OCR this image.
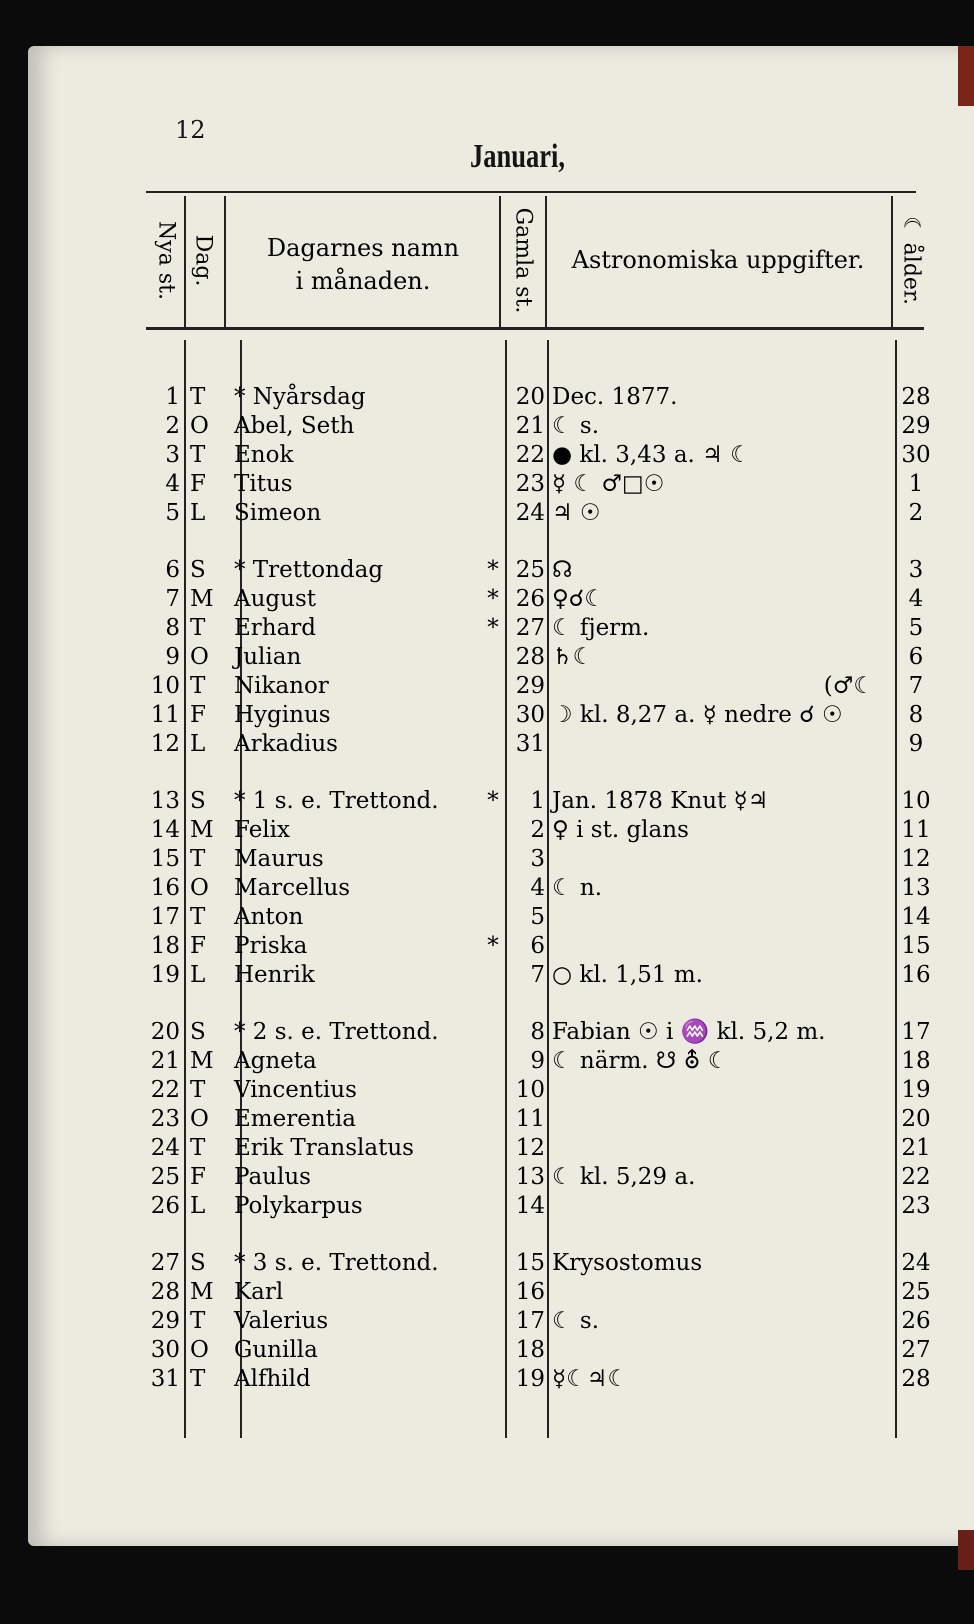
12
Januari,
Nya st. Dag.	Dagarnes namn
i månaden.	Gamla st.	Astronomiska uppgifter.	☾ ålder.
1 T	* Nyårsdag	20 Dec. 1877.	28
2 O	Abel, Seth	21 ☾ s.	29
3 T	Enok	22 ● kl. 3,43 a. ♃ ☾	30
4 F	Titus	23 ☿ ☾ ♂□☉	1
5 L	Simeon	24 ♃ ☉	2
6 S	* Trettondag	* 25 ☊	3
7 M August	* 26 ♀☌☾	4
8 T	Erhard	* 27 ☾ fjerm.	5
9 O	Julian	28 ♄☾	6
10 T	Nikanor	29	(♂☾	7
11 F	Hyginus	30 ☽ kl. 8,27 a. ☿ nedre ☌ ☉	8
12 L	Arkadius	31	9
13 S	* 1 s. e. Trettond.	*	1 Jan. 1878 Knut ☿♃	10
14 M Felix	2 ♀ i st. glans	11
15 T	Maurus	3	12
16 O	Marcellus	4 ☾ n.	13
17 T	Anton	5	14
18 F	Priska	*	6	15
19 L	Henrik	7 ○ kl. 1,51 m.	16
20 S	* 2 s. e. Trettond.	8 Fabian ☉ i ♒ kl. 5,2 m.	17
21 M Agneta	9 ☾ närm. ☋ ⛢ ☾	18
22 T	Vincentius	10	19
23 O	Emerentia	11	20
24 T	Erik Translatus	12	21
25 F	Paulus	13 ☾ kl. 5,29 a.	22
26 L	Polykarpus	14	23
27 S	* 3 s. e. Trettond.	15 Krysostomus	24
28 M Karl	16	25
29 T	Valerius	17 ☾ s.	26
30 O	Gunilla	18	27
31 T	Alfhild	19 ☿☾♃☾	28
